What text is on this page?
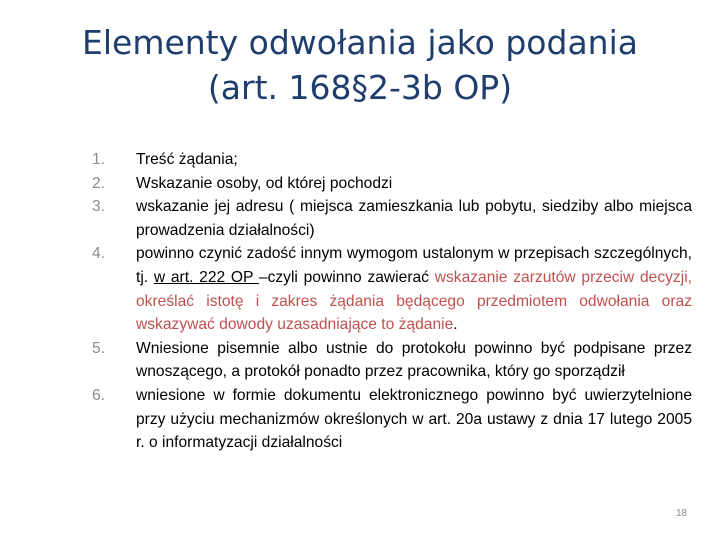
Elementy odwołania jako podania
(art. 168§2-3b OP)
1.	Treść żądania;
2.	Wskazanie osoby, od której pochodzi
3.	wskazanie jej adresu ( miejsca zamieszkania lub pobytu, siedziby albo miejsca prowadzenia działalności)
4.	powinno czynić zadość innym wymogom ustalonym w przepisach szczególnych, tj. w art. 222 OP –czyli powinno zawierać wskazanie zarzutów przeciw decyzji, określać istotę i zakres żądania będącego przedmiotem odwołania oraz wskazywać dowody uzasadniające to żądanie.
5.	Wniesione pisemnie albo ustnie do protokołu powinno być podpisane przez wnoszącego, a protokół ponadto przez pracownika, który go sporządził
6.	wniesione w formie dokumentu elektronicznego powinno być uwierzytelnione przy użyciu mechanizmów określonych w art. 20a ustawy z dnia 17 lutego 2005 r. o informatyzacji działalności
18
